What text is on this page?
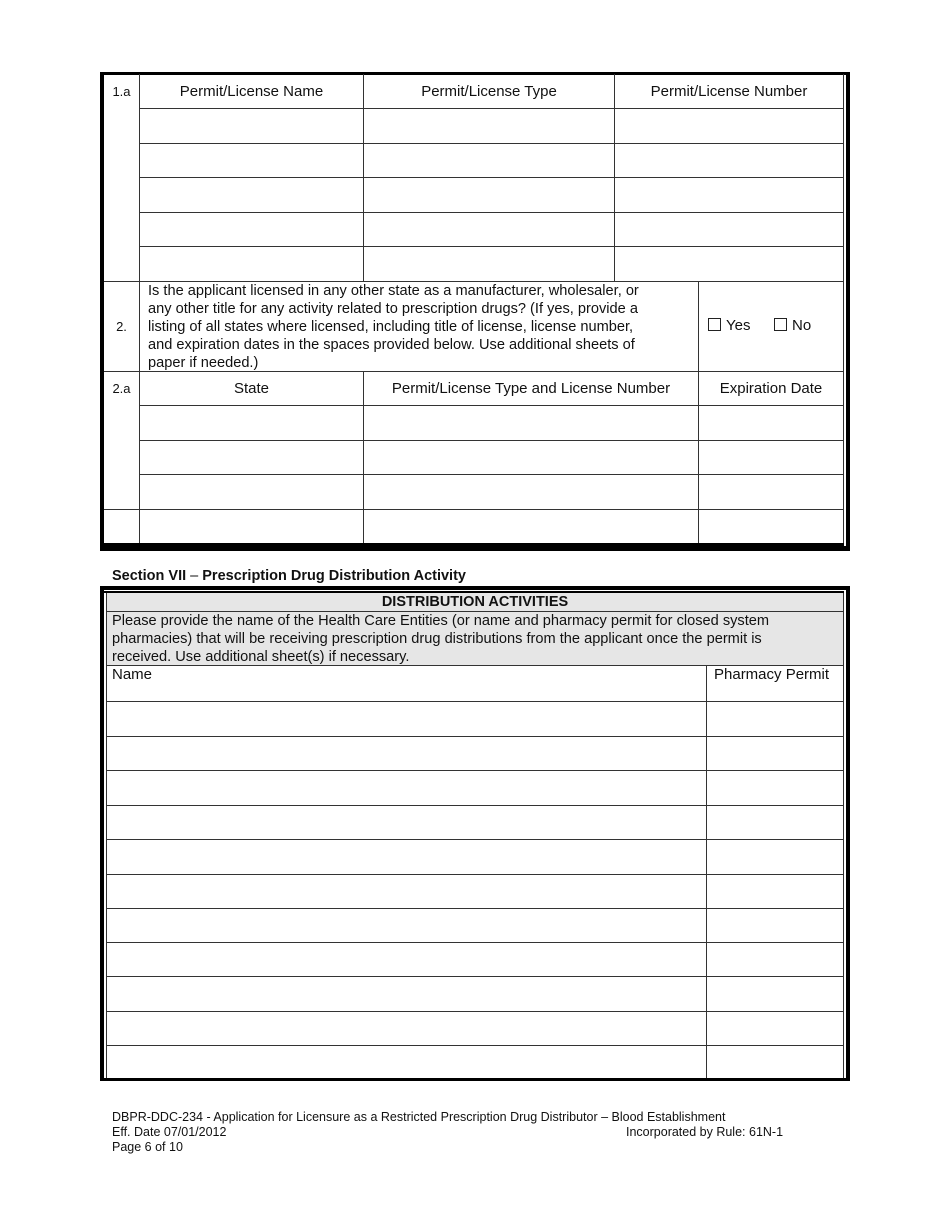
1.a	Permit/License Name	Permit/License Type	Permit/License Number
2.
Is the applicant licensed in any other state as a manufacturer, wholesaler, or
any other title for any activity related to prescription drugs? (If yes, provide a
listing of all states where licensed, including title of license, license number,
and expiration dates in the spaces provided below. Use additional sheets of
paper if needed.)
Yes	No
2.a	State	Permit/License Type and License Number	Expiration Date
Section VII – Prescription Drug Distribution Activity
DISTRIBUTION ACTIVITIES
Please provide the name of the Health Care Entities (or name and pharmacy permit for closed system
pharmacies) that will be receiving prescription drug distributions from the applicant once the permit is
received. Use additional sheet(s) if necessary.
Name	Pharmacy Permit
DBPR-DDC-234 - Application for Licensure as a Restricted Prescription Drug Distributor – Blood Establishment
Eff. Date 07/01/2012
Page 6 of 10
Incorporated by Rule: 61N-1
